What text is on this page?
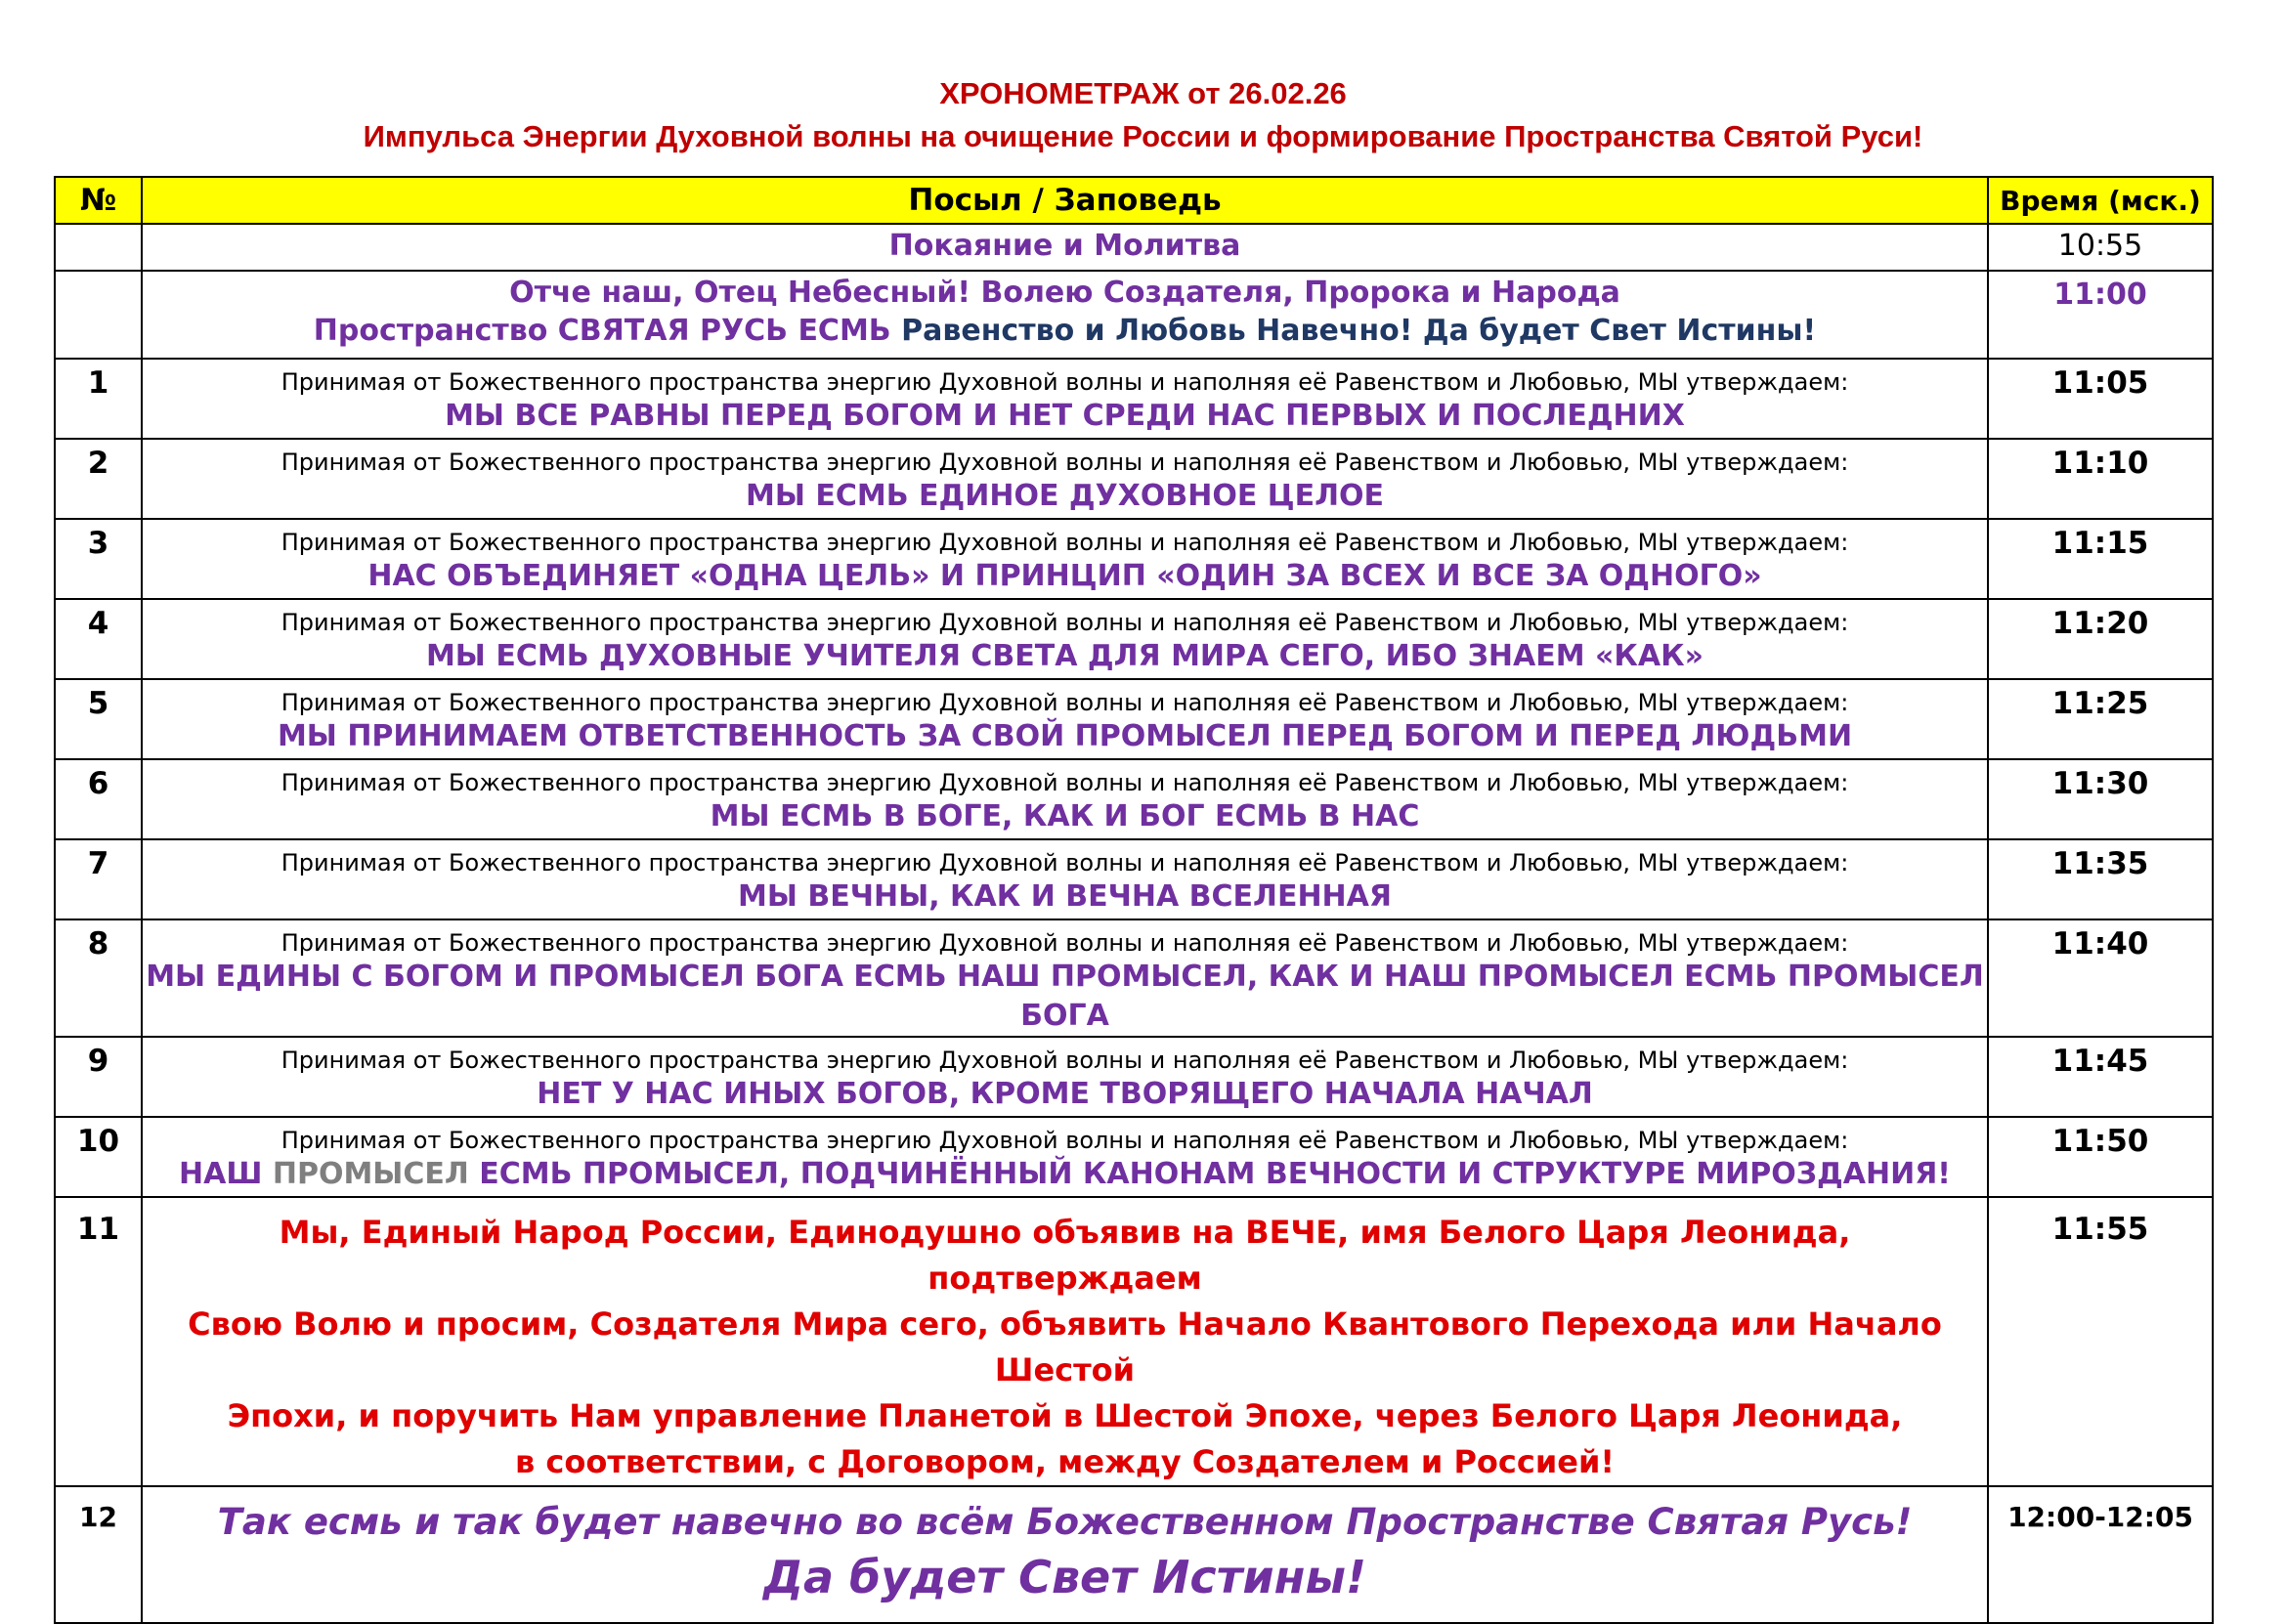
ХРОНОМЕТРАЖ от 26.02.26
Импульса Энергии Духовной волны на очищение России и формирование Пространства Святой Руси!
№	Посыл / Заповедь	Время (мск.)

	Покаяние и Молитва	10:55

	Отче наш, Отец Небесный! Волею Создателя, Пророка и Народа
Пространство СВЯТАЯ РУСЬ ЕСМЬ Равенство и Любовь Навечно! Да будет Свет Истины!	11:00
1	Принимая от Божественного пространства энергию Духовной волны и наполняя её Равенством и Любовью, МЫ утверждаем:
МЫ ВСЕ РАВНЫ ПЕРЕД БОГОМ И НЕТ СРЕДИ НАС ПЕРВЫХ И ПОСЛЕДНИХ	11:05
2	Принимая от Божественного пространства энергию Духовной волны и наполняя её Равенством и Любовью, МЫ утверждаем:
МЫ ЕСМЬ ЕДИНОЕ ДУХОВНОЕ ЦЕЛОЕ	11:10
3	Принимая от Божественного пространства энергию Духовной волны и наполняя её Равенством и Любовью, МЫ утверждаем:
НАС ОБЪЕДИНЯЕТ «ОДНА ЦЕЛЬ» И ПРИНЦИП «ОДИН ЗА ВСЕХ И ВСЕ ЗА ОДНОГО»	11:15
4	Принимая от Божественного пространства энергию Духовной волны и наполняя её Равенством и Любовью, МЫ утверждаем:
МЫ ЕСМЬ ДУХОВНЫЕ УЧИТЕЛЯ СВЕТА ДЛЯ МИРА СЕГО, ИБО ЗНАЕМ «КАК»	11:20
5	Принимая от Божественного пространства энергию Духовной волны и наполняя её Равенством и Любовью, МЫ утверждаем:
МЫ ПРИНИМАЕМ ОТВЕТСТВЕННОСТЬ ЗА СВОЙ ПРОМЫСЕЛ ПЕРЕД БОГОМ И ПЕРЕД ЛЮДЬМИ	11:25
6	Принимая от Божественного пространства энергию Духовной волны и наполняя её Равенством и Любовью, МЫ утверждаем:
МЫ ЕСМЬ В БОГЕ, КАК И БОГ ЕСМЬ В НАС	11:30
7	Принимая от Божественного пространства энергию Духовной волны и наполняя её Равенством и Любовью, МЫ утверждаем:
МЫ ВЕЧНЫ, КАК И ВЕЧНА ВСЕЛЕННАЯ	11:35
8	Принимая от Божественного пространства энергию Духовной волны и наполняя её Равенством и Любовью, МЫ утверждаем:
МЫ ЕДИНЫ С БОГОМ И ПРОМЫСЕЛ БОГА ЕСМЬ НАШ ПРОМЫСЕЛ, КАК И НАШ ПРОМЫСЕЛ ЕСМЬ ПРОМЫСЕЛ БОГА	11:40
9	Принимая от Божественного пространства энергию Духовной волны и наполняя её Равенством и Любовью, МЫ утверждаем:
НЕТ У НАС ИНЫХ БОГОВ, КРОМЕ ТВОРЯЩЕГО НАЧАЛА НАЧАЛ	11:45
10	Принимая от Божественного пространства энергию Духовной волны и наполняя её Равенством и Любовью, МЫ утверждаем:
НАШ ПРОМЫСЕЛ ЕСМЬ ПРОМЫСЕЛ, ПОДЧИНЁННЫЙ КАНОНАМ ВЕЧНОСТИ И СТРУКТУРЕ МИРОЗДАНИЯ!	11:50
11	Мы, Единый Народ России, Единодушно объявив на ВЕЧЕ, имя Белого Царя Леонида, подтверждаем
Свою Волю и просим, Создателя Мира сего, объявить Начало Квантового Перехода или Начало Шестой
Эпохи, и поручить Нам управление Планетой в Шестой Эпохе, через Белого Царя Леонида,
в соответствии, с Договором, между Создателем и Россией!	11:55
12	Так есмь и так будет навечно во всём Божественном Пространстве Святая Русь!
Да будет Свет Истины!	12:00-12:05
